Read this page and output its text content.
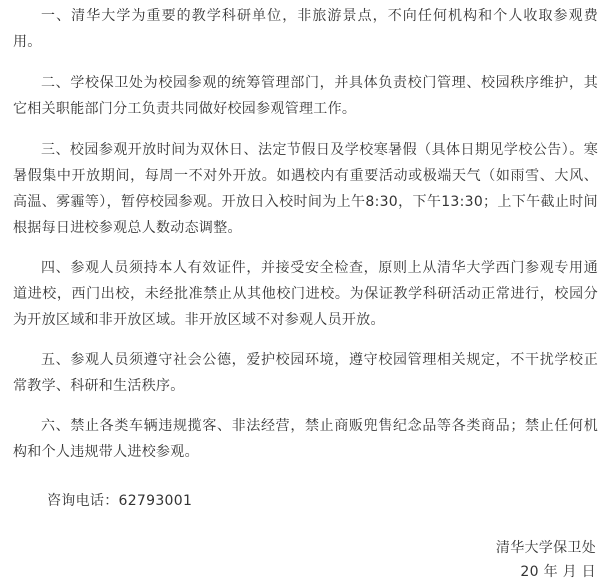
一、清华大学为重要的教学科研单位，非旅游景点，不向任何机构和个人收取参观费用。

二、学校保卫处为校园参观的统筹管理部门，并具体负责校门管理、校园秩序维护，其它相关职能部门分工负责共同做好校园参观管理工作。

三、校园参观开放时间为双休日、法定节假日及学校寒暑假（具体日期见学校公告）。寒暑假集中开放期间，每周一不对外开放。如遇校内有重要活动或极端天气（如雨雪、大风、高温、雾霾等），暂停校园参观。开放日入校时间为上午8:30，下午13:30；上下午截止时间根据每日进校参观总人数动态调整。

四、参观人员须持本人有效证件，并接受安全检查，原则上从清华大学西门参观专用通道进校，西门出校，未经批准禁止从其他校门进校。为保证教学科研活动正常进行，校园分为开放区域和非开放区域。非开放区域不对参观人员开放。

五、参观人员须遵守社会公德，爱护校园环境，遵守校园管理相关规定，不干扰学校正常教学、科研和生活秩序。

六、禁止各类车辆违规揽客、非法经营，禁止商贩兜售纪念品等各类商品；禁止任何机构和个人违规带人进校参观。

咨询电话：62793001

清华大学保卫处

20 年 月 日
